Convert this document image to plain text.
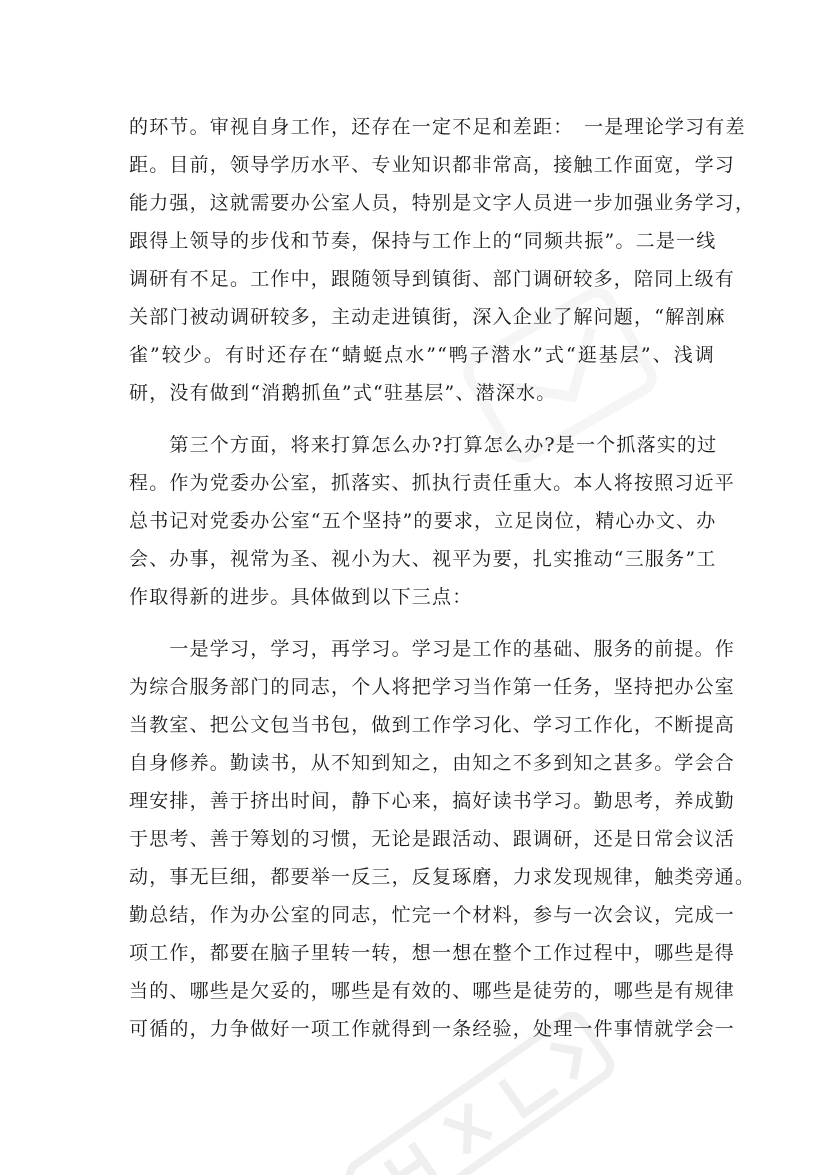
的环节。审视自身工作，还存在一定不足和差距：　一是理论学习有差
距。目前，领导学历水平、专业知识都非常高，接触工作面宽，学习
能力强，这就需要办公室人员，特别是文字人员进一步加强业务学习，
跟得上领导的步伐和节奏，保持与工作上的“同频共振”。二是一线
调研有不足。工作中，跟随领导到镇街、部门调研较多，陪同上级有
关部门被动调研较多，主动走进镇街，深入企业了解问题，“解剖麻
雀”较少。有时还存在“蜻蜓点水”“鸭子潜水”式“逛基层”、浅调
研，没有做到“消鹅抓鱼”式“驻基层”、潜深水。
　　第三个方面，将来打算怎么办?打算怎么办?是一个抓落实的过
程。作为党委办公室，抓落实、抓执行责任重大。本人将按照习近平
总书记对党委办公室“五个坚持”的要求，立足岗位，精心办文、办
会、办事，视常为圣、视小为大、视平为要，扎实推动“三服务”工
作取得新的进步。具体做到以下三点：
　　一是学习，学习，再学习。学习是工作的基础、服务的前提。作
为综合服务部门的同志，个人将把学习当作第一任务，坚持把办公室
当教室、把公文包当书包，做到工作学习化、学习工作化，不断提高
自身修养。勤读书，从不知到知之，由知之不多到知之甚多。学会合
理安排，善于挤出时间，静下心来，搞好读书学习。勤思考，养成勤
于思考、善于筹划的习惯，无论是跟活动、跟调研，还是日常会议活
动，事无巨细，都要举一反三，反复琢磨，力求发现规律，触类旁通。
勤总结，作为办公室的同志，忙完一个材料，参与一次会议，完成一
项工作，都要在脑子里转一转，想一想在整个工作过程中，哪些是得
当的、哪些是欠妥的，哪些是有效的、哪些是徒劳的，哪些是有规律
可循的，力争做好一项工作就得到一条经验，处理一件事情就学会一
